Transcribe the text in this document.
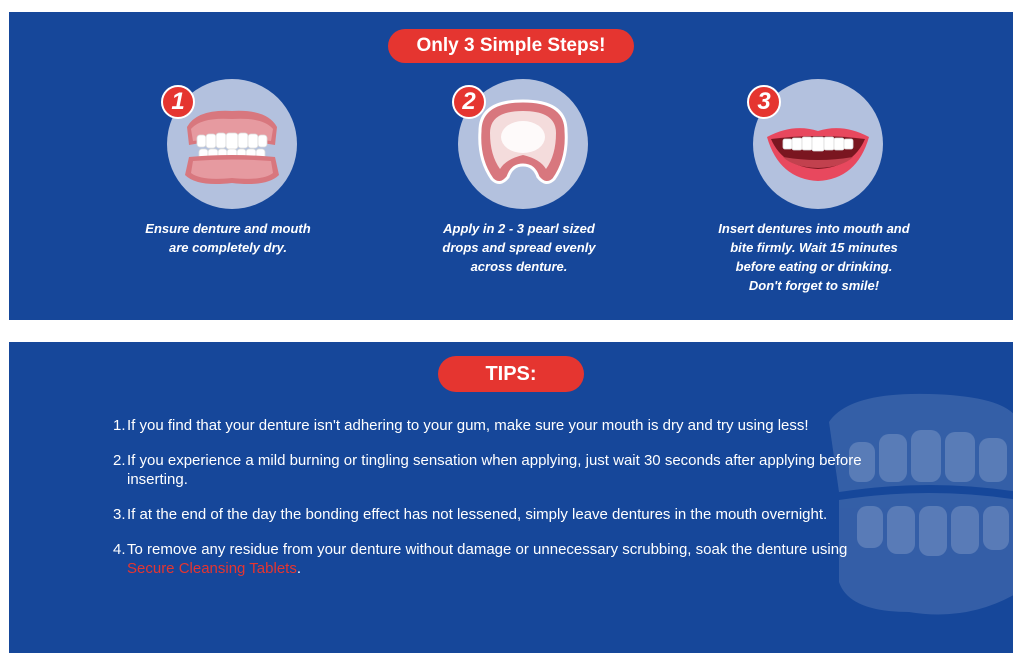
Only 3 Simple Steps!
1
Ensure denture and mouth
are completely dry.
2
Apply in 2 - 3 pearl sized
drops and spread evenly
across denture.
3
Insert dentures into mouth and
bite firmly. Wait 15 minutes
before eating or drinking.
Don't forget to smile!
TIPS:
1. If you find that your denture isn't adhering to your gum, make sure your mouth is dry and try using less!
2. If you experience a mild burning or tingling sensation when applying, just wait 30 seconds after applying before inserting.
3. If at the end of the day the bonding effect has not lessened, simply leave dentures in the mouth overnight.
4. To remove any residue from your denture without damage or unnecessary scrubbing, soak the denture using
Secure Cleansing Tablets.
